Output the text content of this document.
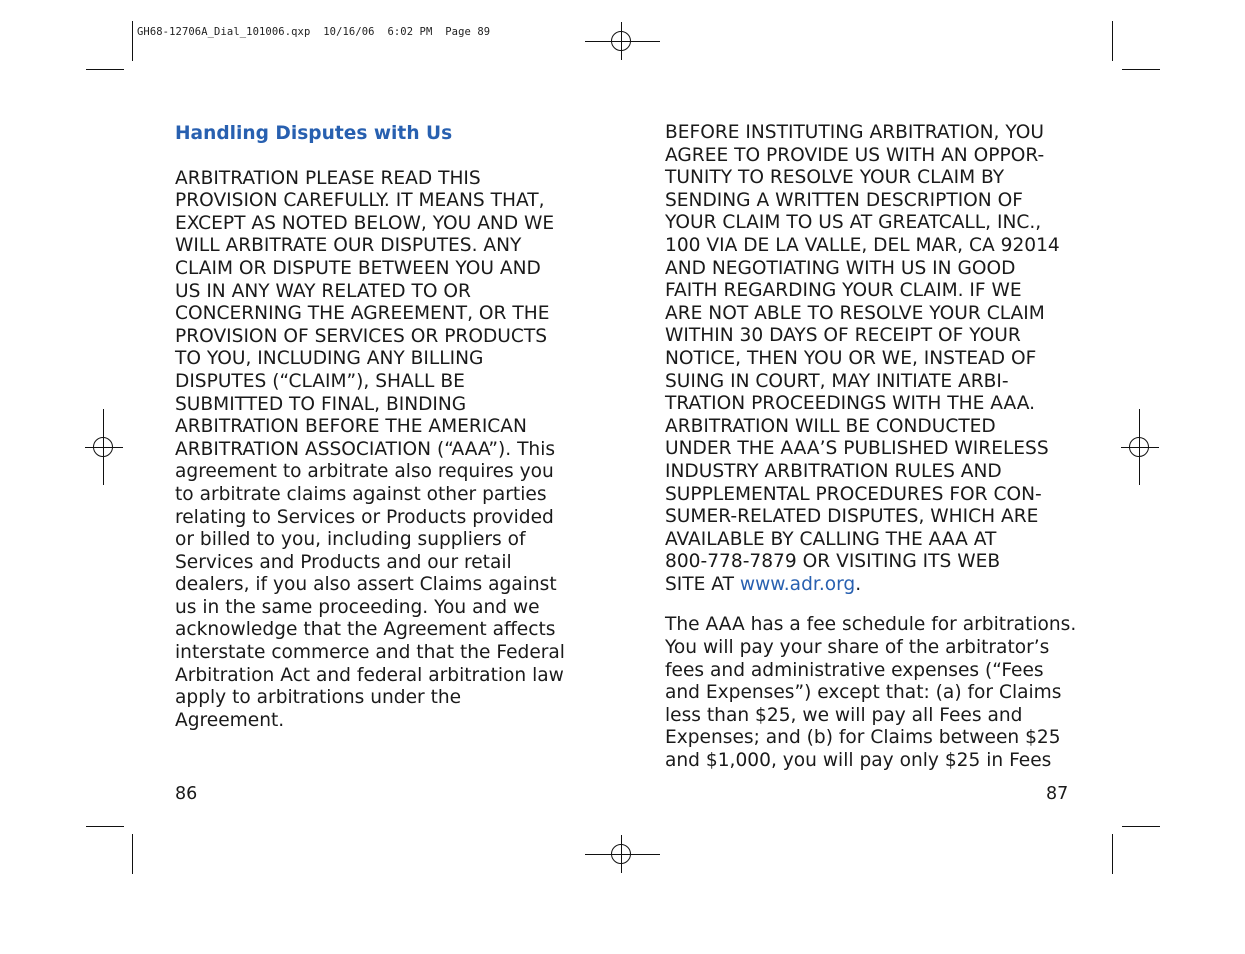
GH68-12706A_Dial_101006.qxp  10/16/06  6:02 PM  Page 89
Handling Disputes with Us
ARBITRATION PLEASE READ THIS
PROVISION CAREFULLY. IT MEANS THAT,
EXCEPT AS NOTED BELOW, YOU AND WE
WILL ARBITRATE OUR DISPUTES. ANY
CLAIM OR DISPUTE BETWEEN YOU AND
US IN ANY WAY RELATED TO OR
CONCERNING THE AGREEMENT, OR THE
PROVISION OF SERVICES OR PRODUCTS
TO YOU, INCLUDING ANY BILLING
DISPUTES (“CLAIM”), SHALL BE
SUBMITTED TO FINAL, BINDING
ARBITRATION BEFORE THE AMERICAN
ARBITRATION ASSOCIATION (“AAA”). This
agreement to arbitrate also requires you
to arbitrate claims against other parties
relating to Services or Products provided
or billed to you, including suppliers of
Services and Products and our retail
dealers, if you also assert Claims against
us in the same proceeding. You and we
acknowledge that the Agreement affects
interstate commerce and that the Federal
Arbitration Act and federal arbitration law
apply to arbitrations under the
Agreement.
86
BEFORE INSTITUTING ARBITRATION, YOU
AGREE TO PROVIDE US WITH AN OPPOR-
TUNITY TO RESOLVE YOUR CLAIM BY
SENDING A WRITTEN DESCRIPTION OF
YOUR CLAIM TO US AT GREATCALL, INC.,
100 VIA DE LA VALLE, DEL MAR, CA 92014
AND NEGOTIATING WITH US IN GOOD
FAITH REGARDING YOUR CLAIM. IF WE
ARE NOT ABLE TO RESOLVE YOUR CLAIM
WITHIN 30 DAYS OF RECEIPT OF YOUR
NOTICE, THEN YOU OR WE, INSTEAD OF
SUING IN COURT, MAY INITIATE ARBI-
TRATION PROCEEDINGS WITH THE AAA.
ARBITRATION WILL BE CONDUCTED
UNDER THE AAA’S PUBLISHED WIRELESS
INDUSTRY ARBITRATION RULES AND
SUPPLEMENTAL PROCEDURES FOR CON-
SUMER-RELATED DISPUTES, WHICH ARE
AVAILABLE BY CALLING THE AAA AT
800-778-7879 OR VISITING ITS WEB
SITE AT www.adr.org.
The AAA has a fee schedule for arbitrations.
You will pay your share of the arbitrator’s
fees and administrative expenses (“Fees
and Expenses”) except that: (a) for Claims
less than $25, we will pay all Fees and
Expenses; and (b) for Claims between $25
and $1,000, you will pay only $25 in Fees
87
